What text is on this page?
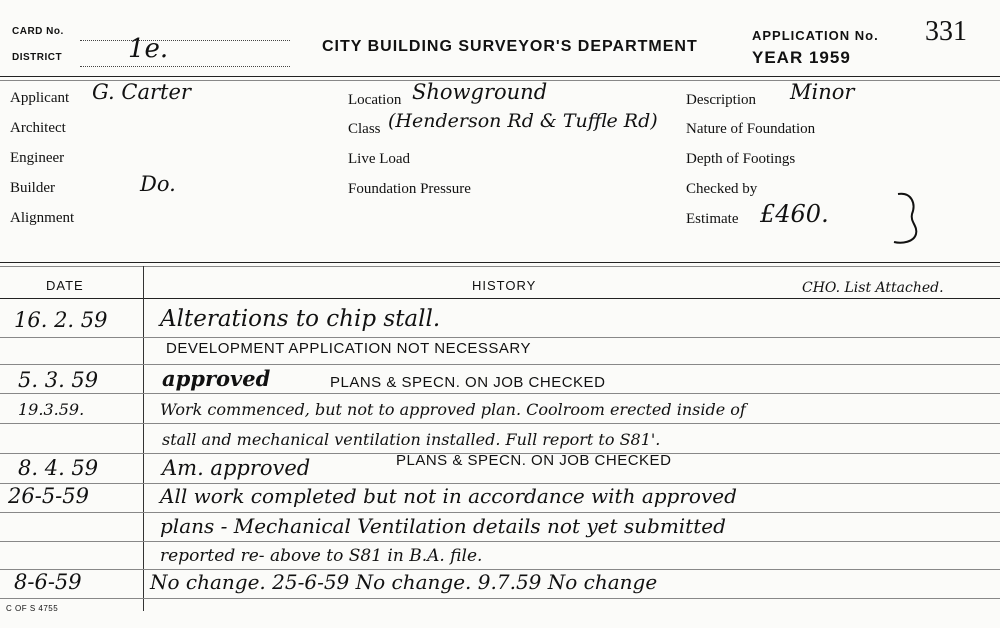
CARD No.
DISTRICT	1e.	CITY BUILDING SURVEYOR'S DEPARTMENT
APPLICATION No. 331
YEAR 1959
Applicant G. Carter
Architect
Engineer
Builder	Do.
Alignment
Location Showground
Class (Henderson Rd & Tuffle Rd)
Live Load
Foundation Pressure
Description Minor
Nature of Foundation
Depth of Footings
Checked by
Estimate £460.
DATE	HISTORY	CHO. List Attached.
16. 2. 59 Alterations to chip stall.
DEVELOPMENT APPLICATION NOT NECESSARY
5. 3. 59	approved	PLANS & SPECN. ON JOB CHECKED
19.3.59.	Work commenced, but not to approved plan. Coolroom erected inside of
stall and mechanical ventilation installed. Full report to S81'.
8. 4. 59	Am. approved	PLANS & SPECN. ON JOB CHECKED
26-5-59	All work completed but not in accordance with approved
plans - Mechanical Ventilation details not yet submitted
reported re- above to S81 in B.A. file.
8-6-59	No change. 25-6-59 No change. 9.7.59 No change
C OF S 4755
